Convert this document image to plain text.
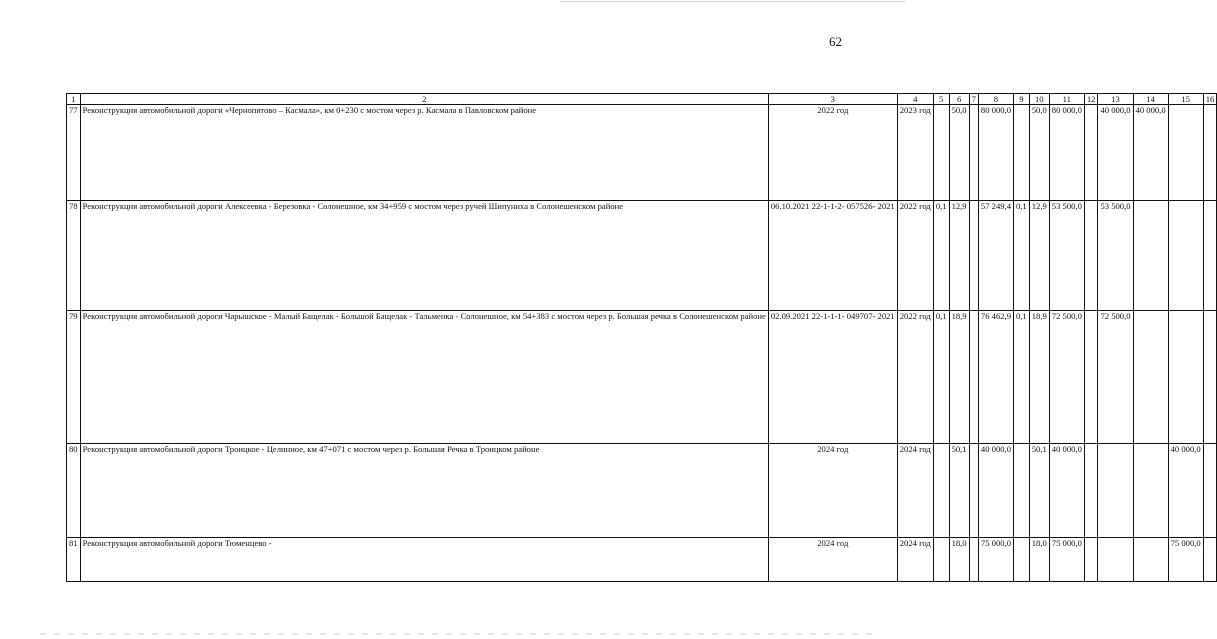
62
1	2	3	4	5	6	7	8	9	10	11	12	13	14	15	16
77	Реконструкция автомобильной дороги «Чернопятово – Касмала», км 0+230 с мостом через р. Касмала в Павловском районе	2022 год	2023 год		50,0		80 000,0		50,0	80 000,0		40 000,0	40 000,0		
78	Реконструкция автомобильной дороги Алексеевка - Березовка - Солонешное, км 34+959 с мостом через ручей Шипуниха в Солонешенском районе	06.10.2021 22-1-1-2- 057526- 2021	2022 год	0,1	12,9		57 249,4	0,1	12,9	53 500,0		53 500,0			
79	Реконструкция автомобильной дороги Чарышское - Малый Бащелак - Большой Бащелак - Тальменка - Солонешное, км 54+383 с мостом через р. Большая речка в Солонешенском районе	02.09.2021 22-1-1-1- 049707- 2021	2022 год	0,1	18,9		76 462,9	0,1	18,9	72 500,0		72 500,0			
80	Реконструкция автомобильной дороги Троицкое - Целинное, км 47+071 с мостом через р. Большая Речка в Троицком районе	2024 год	2024 год		50,1		40 000,0		50,1	40 000,0				40 000,0	
81	Реконструкция автомобильной дороги Тюменцево -	2024 год	2024 год		18,0		75 000,0		18,0	75 000,0				75 000,0	
